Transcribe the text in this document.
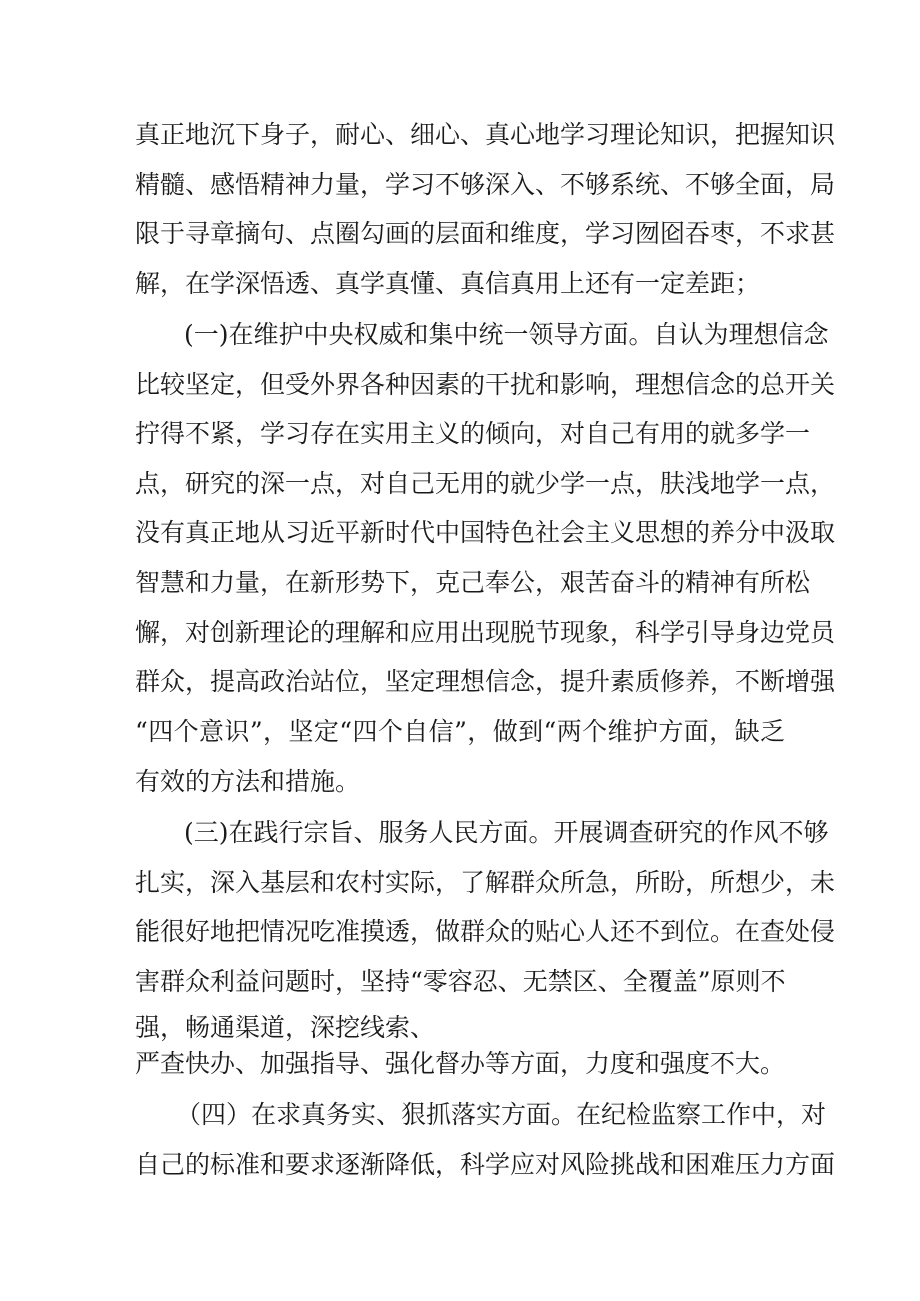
真正地沉下身子，耐心、细心、真心地学习理论知识，把握知识
精髓、感悟精神力量，学习不够深入、不够系统、不够全面，局
限于寻章摘句、点圈勾画的层面和维度，学习囫囵吞枣，不求甚
解，在学深悟透、真学真懂、真信真用上还有一定差距；
(一)在维护中央权威和集中统一领导方面。自认为理想信念
比较坚定，但受外界各种因素的干扰和影响，理想信念的总开关
拧得不紧，学习存在实用主义的倾向，对自己有用的就多学一
点，研究的深一点，对自己无用的就少学一点，肤浅地学一点，
没有真正地从习近平新时代中国特色社会主义思想的养分中汲取
智慧和力量，在新形势下，克己奉公，艰苦奋斗的精神有所松
懈，对创新理论的理解和应用出现脱节现象，科学引导身边党员
群众，提高政治站位，坚定理想信念，提升素质修养，不断增强
“四个意识”，坚定“四个自信”，做到“两个维护方面，缺乏
有效的方法和措施。
(三)在践行宗旨、服务人民方面。开展调查研究的作风不够
扎实，深入基层和农村实际，了解群众所急，所盼，所想少，未
能很好地把情况吃准摸透，做群众的贴心人还不到位。在查处侵
害群众利益问题时，坚持“零容忍、无禁区、全覆盖”原则不
强，畅通渠道，深挖线索、
严查快办、加强指导、强化督办等方面，力度和强度不大。
（四）在求真务实、狠抓落实方面。在纪检监察工作中，对
自己的标准和要求逐渐降低，科学应对风险挑战和困难压力方面
